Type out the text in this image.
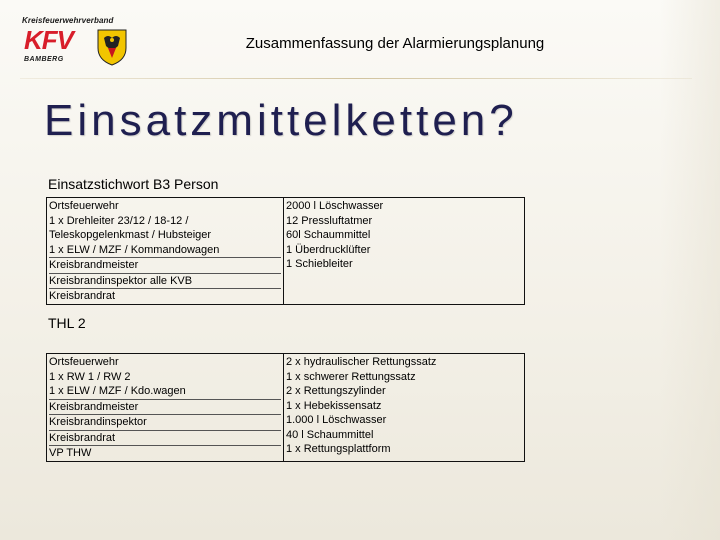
Kreisfeuerwehrverband
KFV
BAMBERG
Zusammenfassung der Alarmierungsplanung
Einsatzmittelketten?
Einsatzstichwort B3 Person
Ortsfeuerwehr
1 x Drehleiter 23/12 / 18-12 /
Teleskopgelenkmast / Hubsteiger
1 x ELW / MZF / Kommandowagen
Kreisbrandmeister
Kreisbrandinspektor alle KVB
Kreisbrandrat

2000 l Löschwasser
12 Pressluftatmer
60l Schaummittel
1 Überdrucklüfter
1 Schiebleiter
THL 2
Ortsfeuerwehr
1 x RW 1 / RW 2
1 x ELW / MZF / Kdo.wagen
Kreisbrandmeister
Kreisbrandinspektor
Kreisbrandrat
VP THW

2 x hydraulischer Rettungssatz
1 x schwerer Rettungssatz
2 x Rettungszylinder
1 x Hebekissensatz
1.000 l Löschwasser
40 l Schaummittel
1 x Rettungsplattform
